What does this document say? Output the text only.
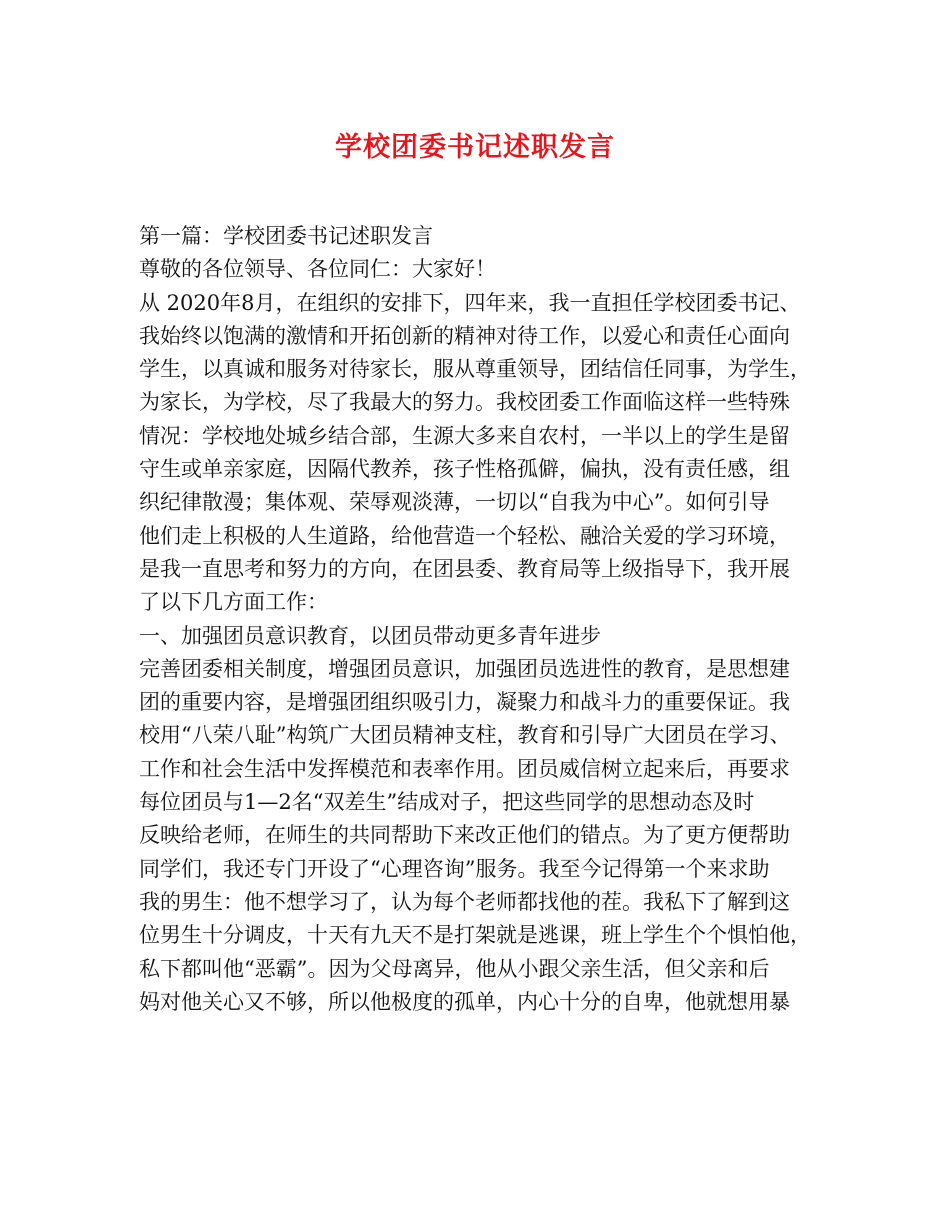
学校团委书记述职发言
第一篇：学校团委书记述职发言
尊敬的各位领导、各位同仁：大家好！
从 2020年8月，在组织的安排下，四年来，我一直担任学校团委书记、
我始终以饱满的激情和开拓创新的精神对待工作，以爱心和责任心面向
学生，以真诚和服务对待家长，服从尊重领导，团结信任同事，为学生，
为家长，为学校，尽了我最大的努力。我校团委工作面临这样一些特殊
情况：学校地处城乡结合部，生源大多来自农村，一半以上的学生是留
守生或单亲家庭，因隔代教养，孩子性格孤僻，偏执，没有责任感，组
织纪律散漫；集体观、荣辱观淡薄，一切以“自我为中心”。如何引导
他们走上积极的人生道路，给他营造一个轻松、融洽关爱的学习环境，
是我一直思考和努力的方向，在团县委、教育局等上级指导下，我开展
了以下几方面工作：
一、加强团员意识教育，以团员带动更多青年进步
完善团委相关制度，增强团员意识，加强团员选进性的教育，是思想建
团的重要内容，是增强团组织吸引力，凝聚力和战斗力的重要保证。我
校用“八荣八耻”构筑广大团员精神支柱，教育和引导广大团员在学习、
工作和社会生活中发挥模范和表率作用。团员威信树立起来后，再要求
每位团员与1—2名“双差生”结成对子，把这些同学的思想动态及时
反映给老师，在师生的共同帮助下来改正他们的错点。为了更方便帮助
同学们，我还专门开设了“心理咨询”服务。我至今记得第一个来求助
我的男生：他不想学习了，认为每个老师都找他的茬。我私下了解到这
位男生十分调皮，十天有九天不是打架就是逃课，班上学生个个惧怕他，
私下都叫他“恶霸”。因为父母离异，他从小跟父亲生活，但父亲和后
妈对他关心又不够，所以他极度的孤单，内心十分的自卑，他就想用暴
